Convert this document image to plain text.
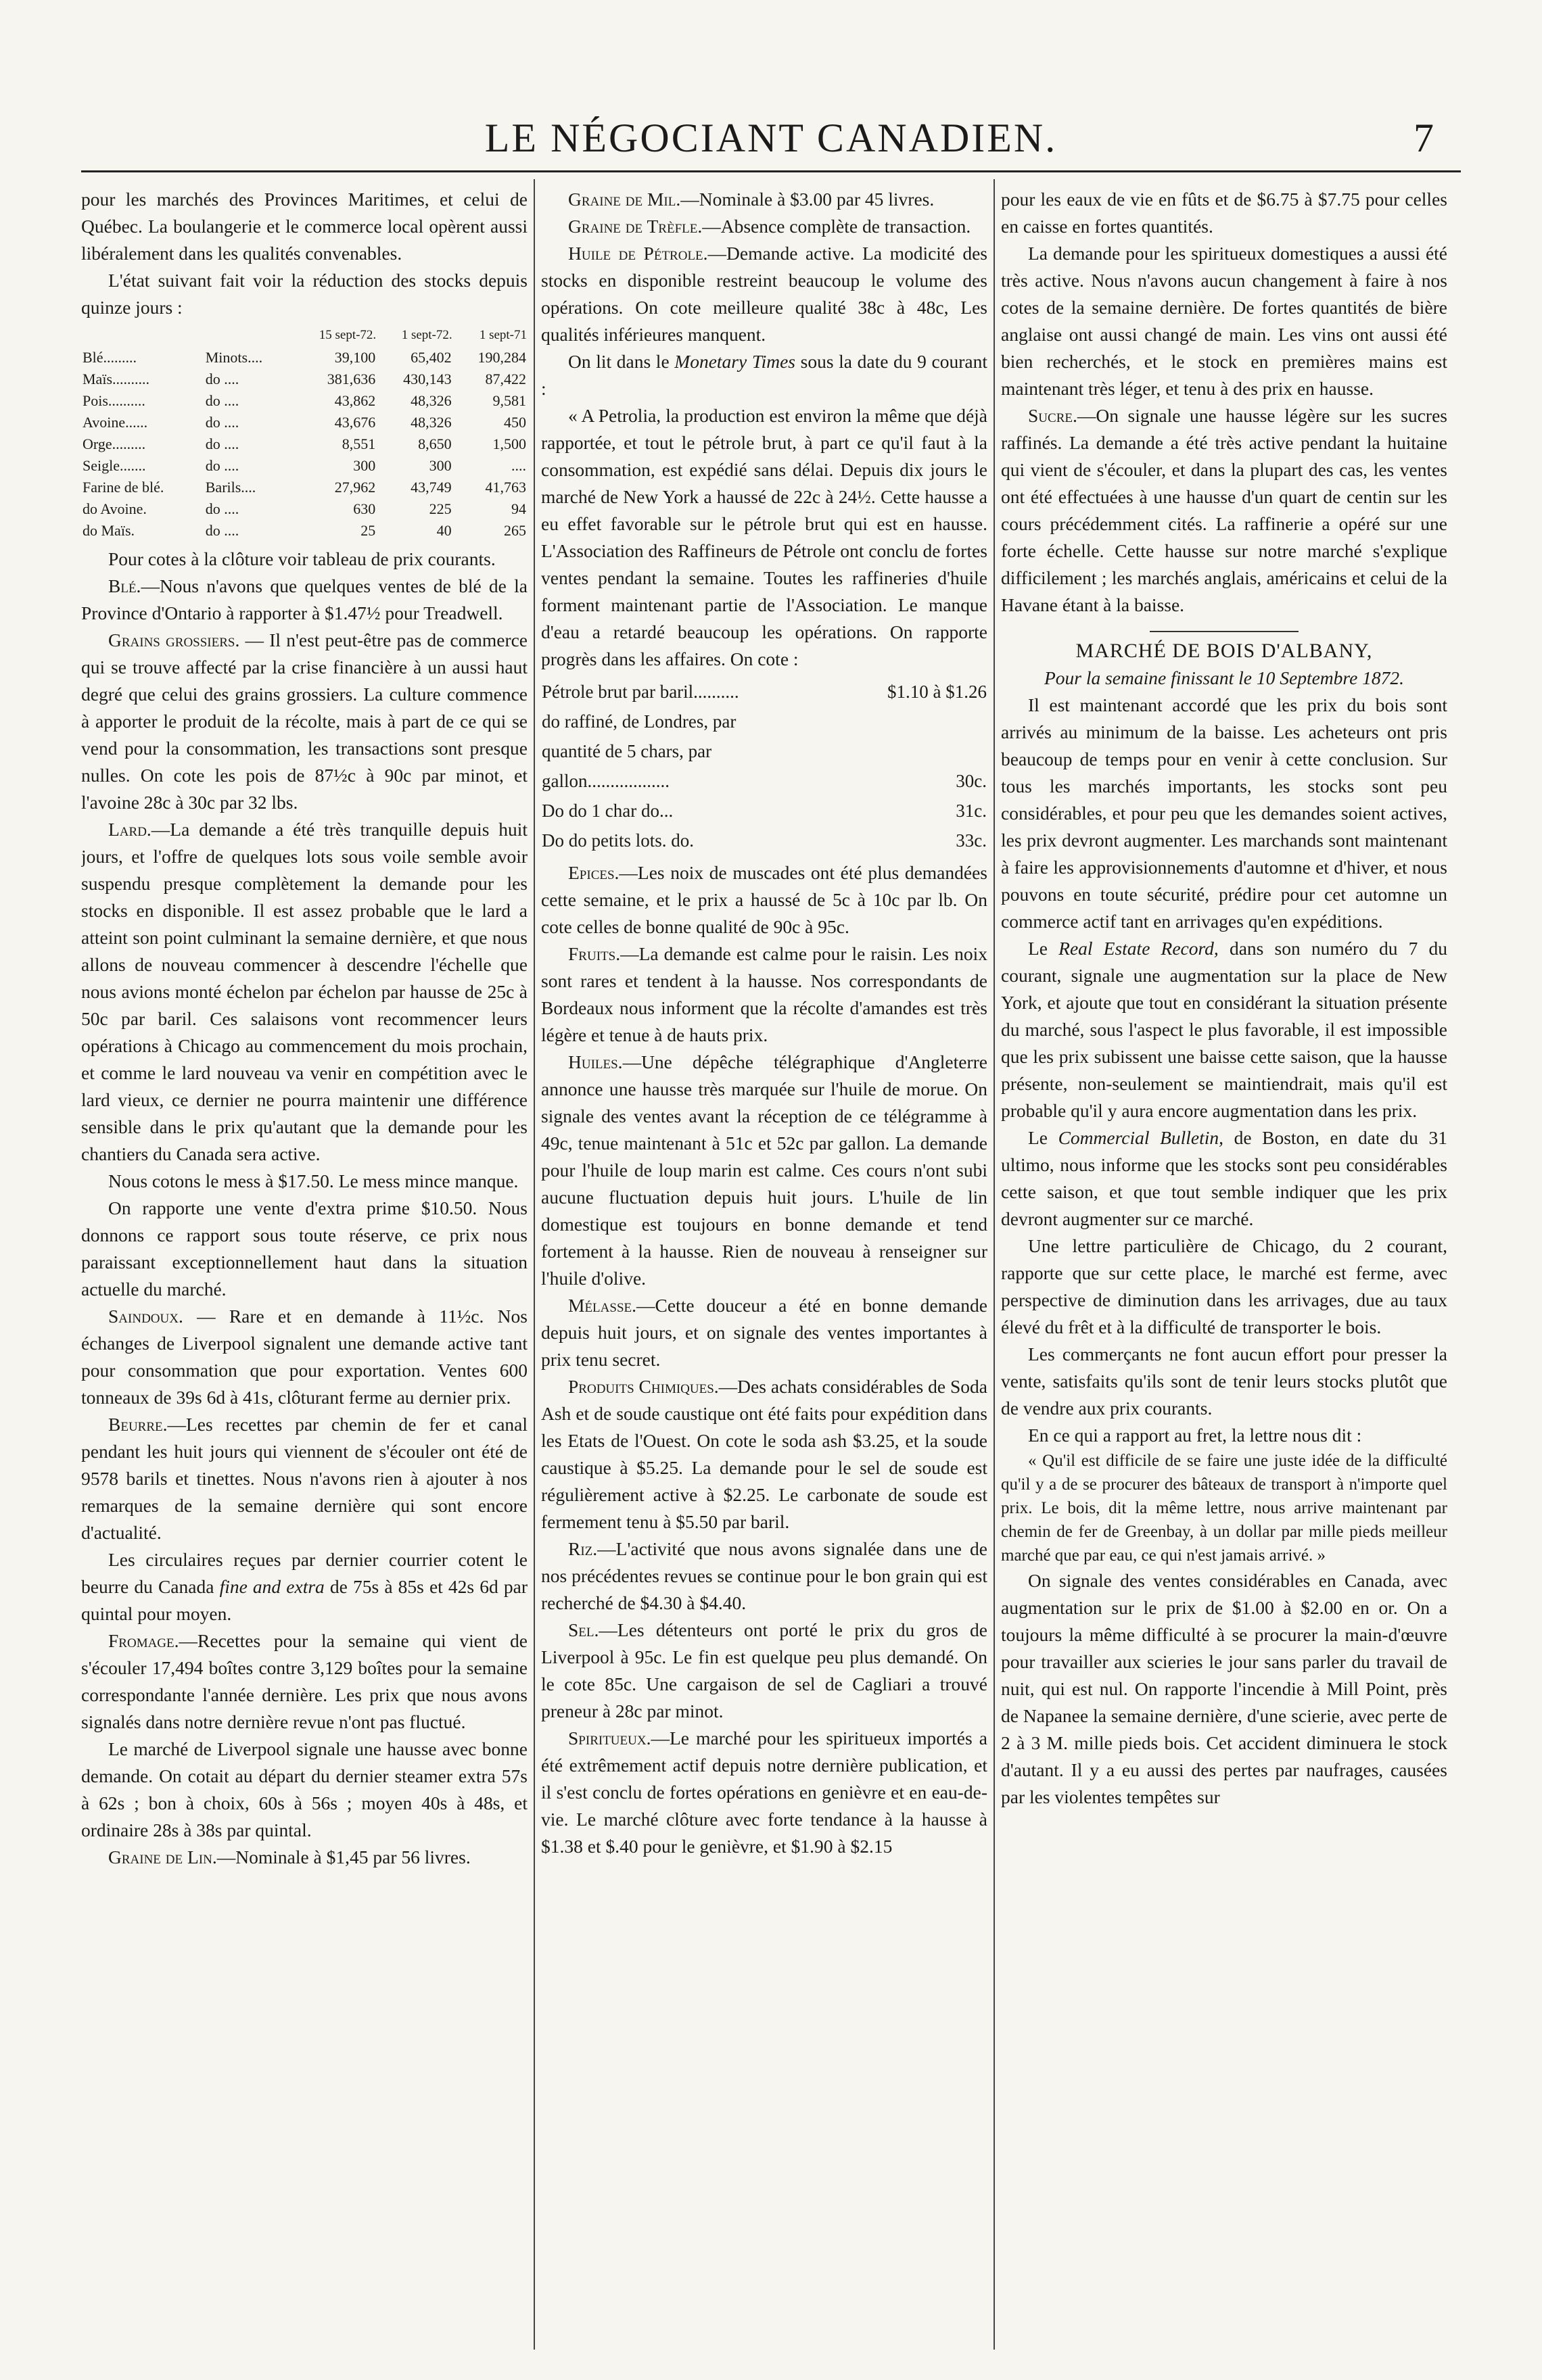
LE NÉGOCIANT CANADIEN.	7

pour les marchés des Provinces Maritimes, et celui de Québec. La boulangerie et le commerce local opèrent aussi libéralement dans les qualités convenables.

L'état suivant fait voir la réduction des stocks depuis quinze jours :

		15 sept-72.	1 sept-72.	1 sept-71
Blé.........	Minots....	39,100	65,402	190,284
Maïs..........	do ....	381,636	430,143	87,422
Pois..........	do ....	43,862	48,326	9,581
Avoine......	do ....	43,676	48,326	450
Orge.........	do ....	8,551	8,650	1,500
Seigle.......	do ....	300	300	....
Farine de blé.	Barils....	27,962	43,749	41,763
do Avoine.	do ....	630	225	94
do Maïs.	do ....	25	40	265

Pour cotes à la clôture voir tableau de prix courants.

Blé.—Nous n'avons que quelques ventes de blé de la Province d'Ontario à rapporter à $1.47½ pour Treadwell.

Grains grossiers. — Il n'est peut-être pas de commerce qui se trouve affecté par la crise financière à un aussi haut degré que celui des grains grossiers. La culture commence à apporter le produit de la récolte, mais à part de ce qui se vend pour la consommation, les transactions sont presque nulles. On cote les pois de 87½c à 90c par minot, et l'avoine 28c à 30c par 32 lbs.

Lard.—La demande a été très tranquille depuis huit jours, et l'offre de quelques lots sous voile semble avoir suspendu presque complètement la demande pour les stocks en disponible. Il est assez probable que le lard a atteint son point culminant la semaine dernière, et que nous allons de nouveau commencer à descendre l'échelle que nous avions monté échelon par échelon par hausse de 25c à 50c par baril. Ces salaisons vont recommencer leurs opérations à Chicago au commencement du mois prochain, et comme le lard nouveau va venir en compétition avec le lard vieux, ce dernier ne pourra maintenir une différence sensible dans le prix qu'autant que la demande pour les chantiers du Canada sera active.

Nous cotons le mess à $17.50. Le mess mince manque.

On rapporte une vente d'extra prime $10.50. Nous donnons ce rapport sous toute réserve, ce prix nous paraissant exceptionnellement haut dans la situation actuelle du marché.

Saindoux. — Rare et en demande à 11½c. Nos échanges de Liverpool signalent une demande active tant pour consommation que pour exportation. Ventes 600 tonneaux de 39s 6d à 41s, clôturant ferme au dernier prix.

Beurre.—Les recettes par chemin de fer et canal pendant les huit jours qui viennent de s'écouler ont été de 9578 barils et tinettes. Nous n'avons rien à ajouter à nos remarques de la semaine dernière qui sont encore d'actualité.

Les circulaires reçues par dernier courrier cotent le beurre du Canada fine and extra de 75s à 85s et 42s 6d par quintal pour moyen.

Fromage.—Recettes pour la semaine qui vient de s'écouler 17,494 boîtes contre 3,129 boîtes pour la semaine correspondante l'année dernière. Les prix que nous avons signalés dans notre dernière revue n'ont pas fluctué.

Le marché de Liverpool signale une hausse avec bonne demande. On cotait au départ du dernier steamer extra 57s à 62s ; bon à choix, 60s à 56s ; moyen 40s à 48s, et ordinaire 28s à 38s par quintal.

Graine de Lin.—Nominale à $1,45 par 56 livres.

Graine de Mil.—Nominale à $3.00 par 45 livres.

Graine de Trèfle.—Absence complète de transaction.

Huile de Pétrole.—Demande active. La modicité des stocks en disponible restreint beaucoup le volume des opérations. On cote meilleure qualité 38c à 48c, Les qualités inférieures manquent.

On lit dans le Monetary Times sous la date du 9 courant :

« A Petrolia, la production est environ la même que déjà rapportée, et tout le pétrole brut, à part ce qu'il faut à la consommation, est expédié sans délai. Depuis dix jours le marché de New York a haussé de 22c à 24½. Cette hausse a eu effet favorable sur le pétrole brut qui est en hausse. L'Association des Raffineurs de Pétrole ont conclu de fortes ventes pendant la semaine. Toutes les raffineries d'huile forment maintenant partie de l'Association. Le manque d'eau a retardé beaucoup les opérations. On rapporte progrès dans les affaires. On cote :

Pétrole brut par baril..........	$1.10 à $1.26
do raffiné, de Londres, par	
quantité de 5 chars, par	
gallon..................	30c.
Do do 1 char do...	31c.
Do do petits lots. do.	33c.

Epices.—Les noix de muscades ont été plus demandées cette semaine, et le prix a haussé de 5c à 10c par lb. On cote celles de bonne qualité de 90c à 95c.

Fruits.—La demande est calme pour le raisin. Les noix sont rares et tendent à la hausse. Nos correspondants de Bordeaux nous informent que la récolte d'amandes est très légère et tenue à de hauts prix.

Huiles.—Une dépêche télégraphique d'Angleterre annonce une hausse très marquée sur l'huile de morue. On signale des ventes avant la réception de ce télégramme à 49c, tenue maintenant à 51c et 52c par gallon. La demande pour l'huile de loup marin est calme. Ces cours n'ont subi aucune fluctuation depuis huit jours. L'huile de lin domestique est toujours en bonne demande et tend fortement à la hausse. Rien de nouveau à renseigner sur l'huile d'olive.

Mélasse.—Cette douceur a été en bonne demande depuis huit jours, et on signale des ventes importantes à prix tenu secret.

Produits Chimiques.—Des achats considérables de Soda Ash et de soude caustique ont été faits pour expédition dans les Etats de l'Ouest. On cote le soda ash $3.25, et la soude caustique à $5.25. La demande pour le sel de soude est régulièrement active à $2.25. Le carbonate de soude est fermement tenu à $5.50 par baril.

Riz.—L'activité que nous avons signalée dans une de nos précédentes revues se continue pour le bon grain qui est recherché de $4.30 à $4.40.

Sel.—Les détenteurs ont porté le prix du gros de Liverpool à 95c. Le fin est quelque peu plus demandé. On le cote 85c. Une cargaison de sel de Cagliari a trouvé preneur à 28c par minot.

Spiritueux.—Le marché pour les spiritueux importés a été extrêmement actif depuis notre dernière publication, et il s'est conclu de fortes opérations en genièvre et en eau-de-vie. Le marché clôture avec forte tendance à la hausse à $1.38 et $.40 pour le genièvre, et $1.90 à $2.15

pour les eaux de vie en fûts et de $6.75 à $7.75 pour celles en caisse en fortes quantités.

La demande pour les spiritueux domestiques a aussi été très active. Nous n'avons aucun changement à faire à nos cotes de la semaine dernière. De fortes quantités de bière anglaise ont aussi changé de main. Les vins ont aussi été bien recherchés, et le stock en premières mains est maintenant très léger, et tenu à des prix en hausse.

Sucre.—On signale une hausse légère sur les sucres raffinés. La demande a été très active pendant la huitaine qui vient de s'écouler, et dans la plupart des cas, les ventes ont été effectuées à une hausse d'un quart de centin sur les cours précédemment cités. La raffinerie a opéré sur une forte échelle. Cette hausse sur notre marché s'explique difficilement ; les marchés anglais, américains et celui de la Havane étant à la baisse.

MARCHÉ DE BOIS D'ALBANY,
Pour la semaine finissant le 10 Septembre 1872.

Il est maintenant accordé que les prix du bois sont arrivés au minimum de la baisse. Les acheteurs ont pris beaucoup de temps pour en venir à cette conclusion. Sur tous les marchés importants, les stocks sont peu considérables, et pour peu que les demandes soient actives, les prix devront augmenter. Les marchands sont maintenant à faire les approvisionnements d'automne et d'hiver, et nous pouvons en toute sécurité, prédire pour cet automne un commerce actif tant en arrivages qu'en expéditions.

Le Real Estate Record, dans son numéro du 7 du courant, signale une augmentation sur la place de New York, et ajoute que tout en considérant la situation présente du marché, sous l'aspect le plus favorable, il est impossible que les prix subissent une baisse cette saison, que la hausse présente, non-seulement se maintiendrait, mais qu'il est probable qu'il y aura encore augmentation dans les prix.

Le Commercial Bulletin, de Boston, en date du 31 ultimo, nous informe que les stocks sont peu considérables cette saison, et que tout semble indiquer que les prix devront augmenter sur ce marché.

Une lettre particulière de Chicago, du 2 courant, rapporte que sur cette place, le marché est ferme, avec perspective de diminution dans les arrivages, due au taux élevé du frêt et à la difficulté de transporter le bois.

Les commerçants ne font aucun effort pour presser la vente, satisfaits qu'ils sont de tenir leurs stocks plutôt que de vendre aux prix courants.

En ce qui a rapport au fret, la lettre nous dit :

« Qu'il est difficile de se faire une juste idée de la difficulté qu'il y a de se procurer des bâteaux de transport à n'importe quel prix. Le bois, dit la même lettre, nous arrive maintenant par chemin de fer de Greenbay, à un dollar par mille pieds meilleur marché que par eau, ce qui n'est jamais arrivé. »

On signale des ventes considérables en Canada, avec augmentation sur le prix de $1.00 à $2.00 en or. On a toujours la même difficulté à se procurer la main-d'œuvre pour travailler aux scieries le jour sans parler du travail de nuit, qui est nul. On rapporte l'incendie à Mill Point, près de Napanee la semaine dernière, d'une scierie, avec perte de 2 à 3 M. mille pieds bois. Cet accident diminuera le stock d'autant. Il y a eu aussi des pertes par naufrages, causées par les violentes tempêtes sur
